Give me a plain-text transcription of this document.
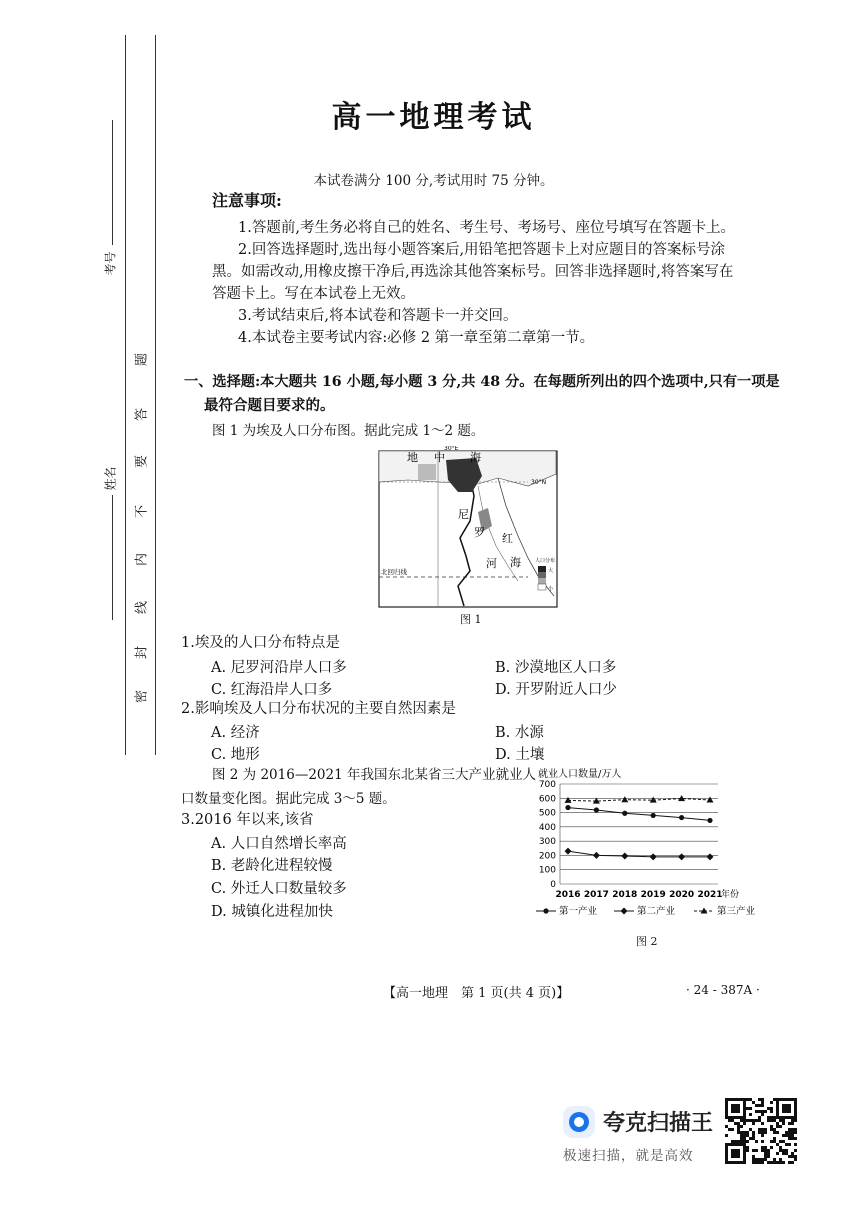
考号
姓名
题
答
要
不
内
线
封
密
高一地理考试
本试卷满分 100 分,考试用时 75 分钟。
注意事项:
1.答题前,考生务必将自己的姓名、考生号、考场号、座位号填写在答题卡上。
2.回答选择题时,选出每小题答案后,用铅笔把答题卡上对应题目的答案标号涂
黑。如需改动,用橡皮擦干净后,再选涂其他答案标号。回答非选择题时,将答案写在
答题卡上。写在本试卷上无效。
3.考试结束后,将本试卷和答题卡一并交回。
4.本试卷主要考试内容:必修 2 第一章至第二章第一节。
一、选择题:本大题共 16 小题,每小题 3 分,共 48 分。在每题所列出的四个选项中,只有一项是
最符合题目要求的。
图 1 为埃及人口分布图。据此完成 1～2 题。
地 中 海
30°E
30°N
尼
罗
河
红
海
北回归线
人口分布
大
小
图 1
1.埃及的人口分布特点是
A. 尼罗河沿岸人口多	B. 沙漠地区人口多
C. 红海沿岸人口多	D. 开罗附近人口少
2.影响埃及人口分布状况的主要自然因素是
A. 经济	B. 水源
C. 地形	D. 土壤
图 2 为 2016—2021 年我国东北某省三大产业就业人
口数量变化图。据此完成 3～5 题。
3.2016 年以来,该省
A. 人口自然增长率高
B. 老龄化进程较慢
C. 外迁人口数量较多
D. 城镇化进程加快
就业人口数量/万人
0
100
200
300
400
500
600
700
2016 2017 2018 2019 2020 2021
年份
第一产业	第二产业	第三产业
图 2
【高一地理　第 1 页(共 4 页)】	· 24 - 387A ·
夸克扫描王
极速扫描，就是高效
